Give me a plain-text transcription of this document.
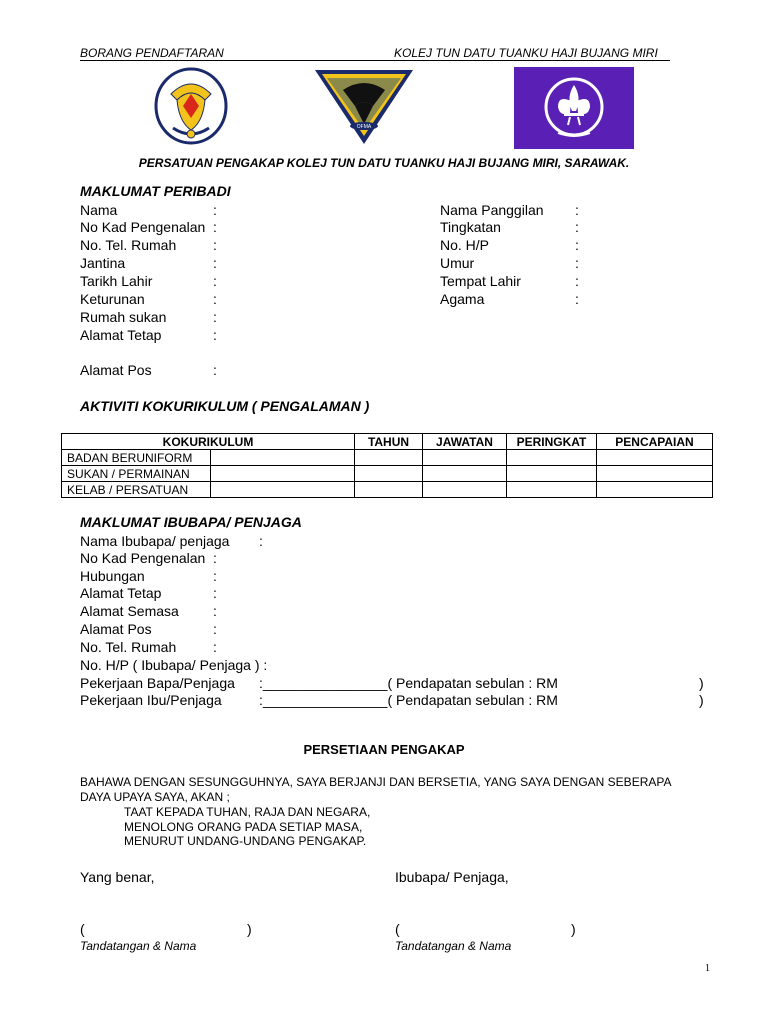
BORANG PENDAFTARAN	KOLEJ TUN DATU TUANKU HAJI BUJANG MIRI
OFMA
PERSATUAN PENGAKAP KOLEJ TUN DATU TUANKU HAJI BUJANG MIRI, SARAWAK.
MAKLUMAT PERIBADI
Nama	:
No Kad Pengenalan :
No. Tel. Rumah	:
Jantina	:
Tarikh Lahir	:
Keturunan	:
Rumah sukan	:
Alamat Tetap	:
Alamat Pos	:
Nama Panggilan :
Tingkatan	:
No. H/P	:
Umur	:
Tempat Lahir	:
Agama	:
AKTIVITI KOKURIKULUM ( PENGALAMAN )
KOKURIKULUM		TAHUN	JAWATAN	PERINGKAT	PENCAPAIAN
BADAN BERUNIFORM					
SUKAN / PERMAINAN					
KELAB / PERSATUAN					
MAKLUMAT IBUBAPA/ PENJAGA
Nama Ibubapa/ penjaga :
No Kad Pengenalan :
Hubungan	:
Alamat Tetap	:
Alamat Semasa :
Alamat Pos	:
No. Tel. Rumah	:
No. H/P ( Ibubapa/ Penjaga ) :
Pekerjaan Bapa/Penjaga :________________( Pendapatan sebulan : RM	)
Pekerjaan Ibu/Penjaga	:________________( Pendapatan sebulan : RM	)
PERSETIAAN PENGAKAP
BAHAWA DENGAN SESUNGGUHNYA, SAYA BERJANJI DAN BERSETIA, YANG SAYA DENGAN SEBERAPA
DAYA UPAYA SAYA, AKAN ;
TAAT KEPADA TUHAN, RAJA DAN NEGARA,
MENOLONG ORANG PADA SETIAP MASA,
MENURUT UNDANG-UNDANG PENGAKAP.
Yang benar,	Ibubapa/ Penjaga,
(	)	(	)
Tandatangan & Nama	Tandatangan & Nama
1
